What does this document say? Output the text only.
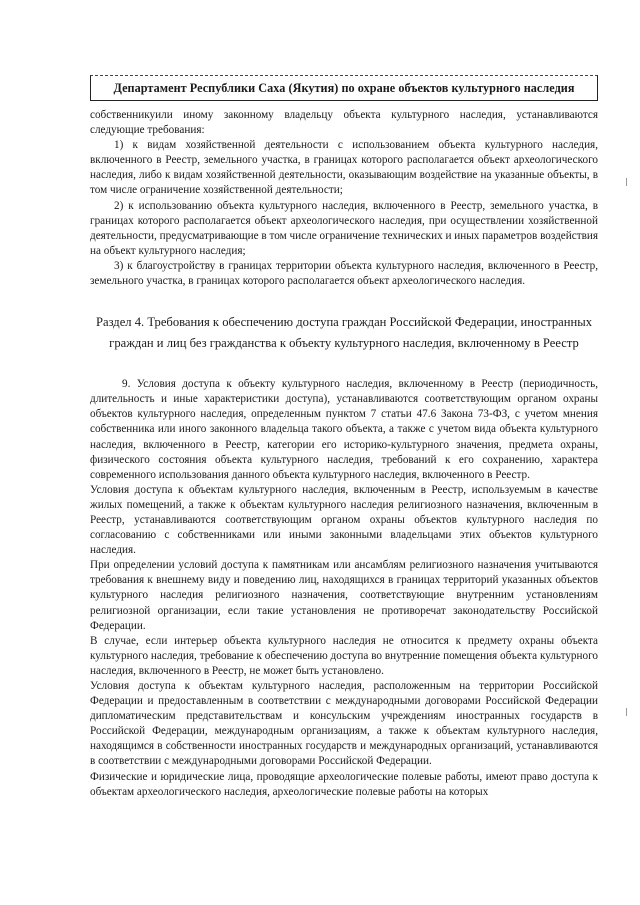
Департамент Республики Саха (Якутия) по охране объектов культурного наследия

собственникуили иному законному владельцу объекта культурного наследия, устанавливаются следующие требования:

1) к видам хозяйственной деятельности с использованием объекта культурного наследия, включенного в Реестр, земельного участка, в границах которого располагается объект археологического наследия, либо к видам хозяйственной деятельности, оказывающим воздействие на указанные объекты, в том числе ограничение хозяйственной деятельности;

2) к использованию объекта культурного наследия, включенного в Реестр, земельного участка, в границах которого располагается объект археологического наследия, при осуществлении хозяйственной деятельности, предусматривающие в том числе ограничение технических и иных параметров воздействия на объект культурного наследия;

3) к благоустройству в границах территории объекта культурного наследия, включенного в Реестр, земельного участка, в границах которого располагается объект археологического наследия.

Раздел 4. Требования к обеспечению доступа граждан Российской Федерации, иностранных граждан и лиц без гражданства к объекту культурного наследия, включенному в Реестр

9. Условия доступа к объекту культурного наследия, включенному в Реестр (периодичность, длительность и иные характеристики доступа), устанавливаются соответствующим органом охраны объектов культурного наследия, определенным пунктом 7 статьи 47.6 Закона 73-ФЗ, с учетом мнения собственника или иного законного владельца такого объекта, а также с учетом вида объекта культурного наследия, включенного в Реестр, категории его историко-культурного значения, предмета охраны, физического состояния объекта культурного наследия, требований к его сохранению, характера современного использования данного объекта культурного наследия, включенного в Реестр.

Условия доступа к объектам культурного наследия, включенным в Реестр, используемым в качестве жилых помещений, а также к объектам культурного наследия религиозного назначения, включенным в Реестр, устанавливаются соответствующим органом охраны объектов культурного наследия по согласованию с собственниками или иными законными владельцами этих объектов культурного наследия.

При определении условий доступа к памятникам или ансамблям религиозного назначения учитываются требования к внешнему виду и поведению лиц, находящихся в границах территорий указанных объектов культурного наследия религиозного назначения, соответствующие внутренним установлениям религиозной организации, если такие установления не противоречат законодательству Российской Федерации.

В случае, если интерьер объекта культурного наследия не относится к предмету охраны объекта культурного наследия, требование к обеспечению доступа во внутренние помещения объекта культурного наследия, включенного в Реестр, не может быть установлено.

Условия доступа к объектам культурного наследия, расположенным на территории Российской Федерации и предоставленным в соответствии с международными договорами Российской Федерации дипломатическим представительствам и консульским учреждениям иностранных государств в Российской Федерации, международным организациям, а также к объектам культурного наследия, находящимся в собственности иностранных государств и международных организаций, устанавливаются в соответствии с международными договорами Российской Федерации.

Физические и юридические лица, проводящие археологические полевые работы, имеют право доступа к объектам археологического наследия, археологические полевые работы на которых
